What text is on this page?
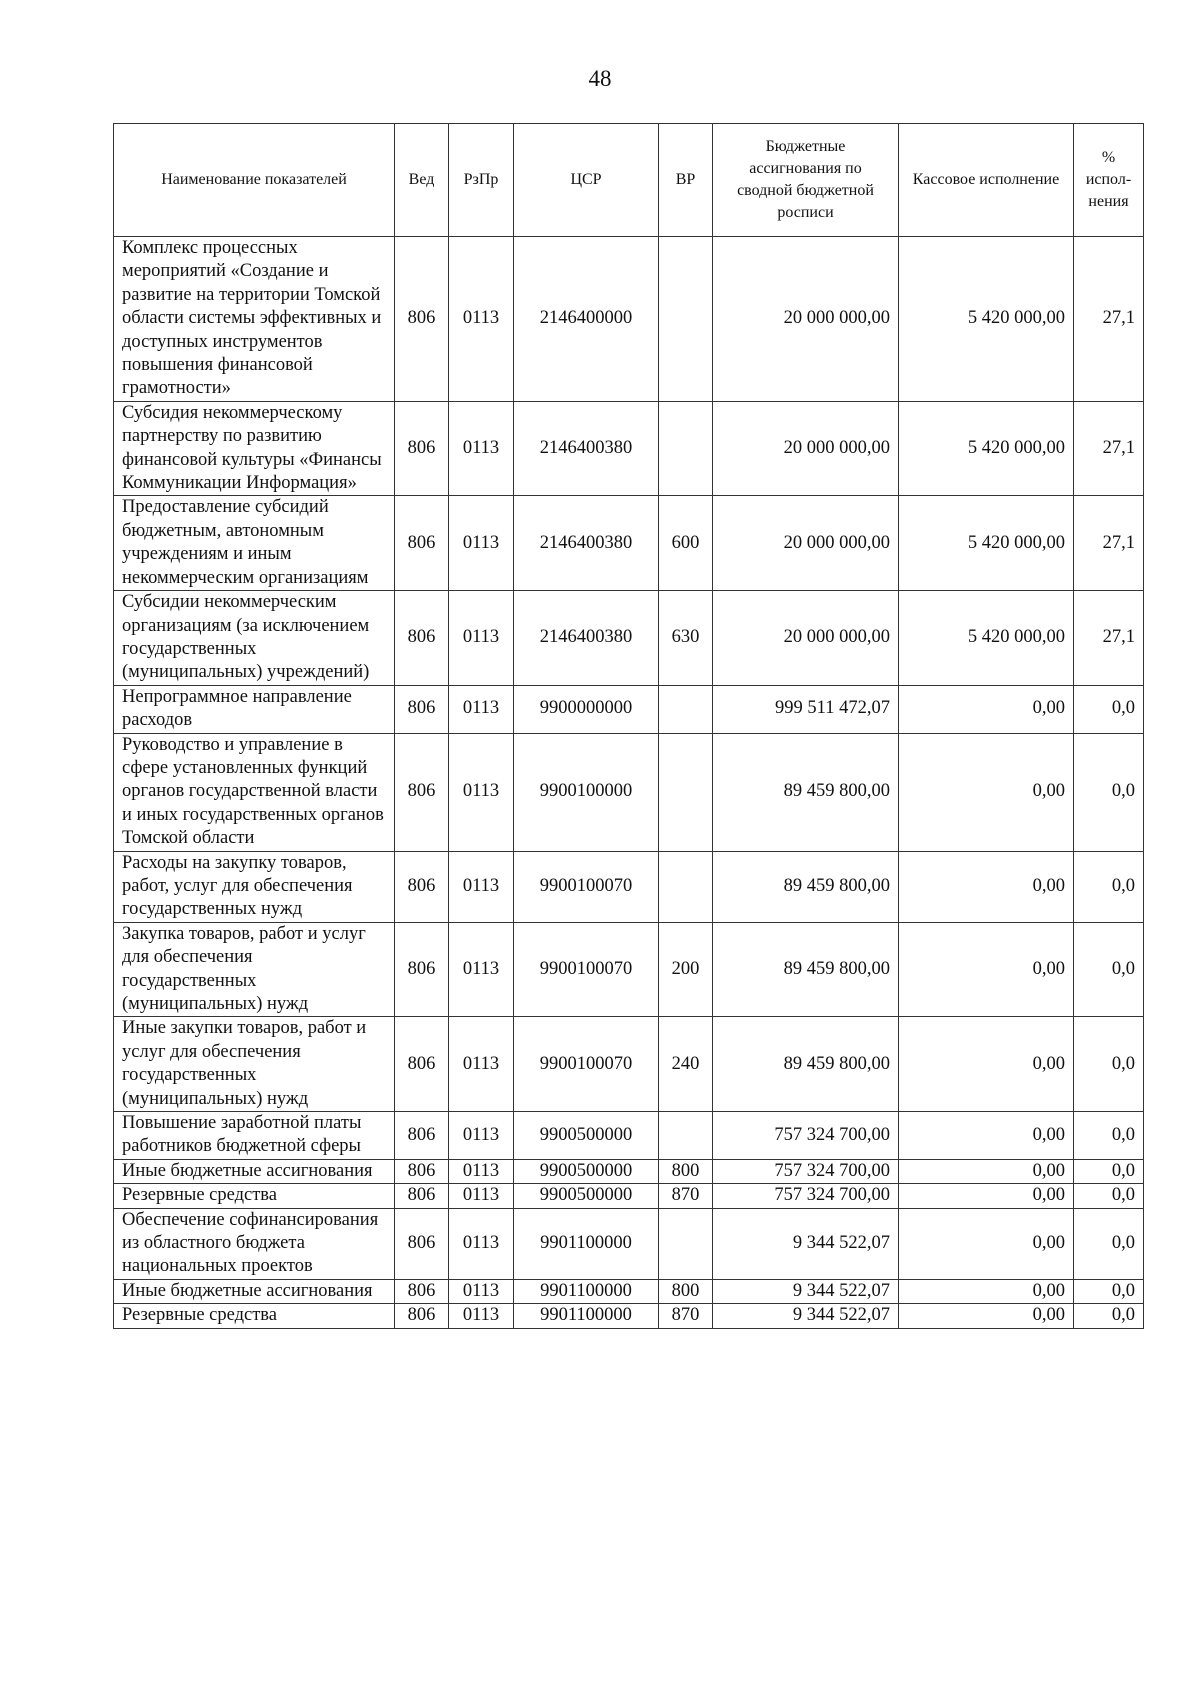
48
Наименование показателей	Вед	РзПр	ЦСР	ВР	Бюджетные ассигнования по сводной бюджетной росписи	Кассовое исполнение	% испол-нения
Комплекс процессных мероприятий «Создание и развитие на территории Томской области системы эффективных и доступных инструментов повышения финансовой грамотности»	806	0113	2146400000		20 000 000,00	5 420 000,00	27,1
Субсидия некоммерческому партнерству по развитию финансовой культуры «Финансы Коммуникации Информация»	806	0113	2146400380		20 000 000,00	5 420 000,00	27,1
Предоставление субсидий бюджетным, автономным учреждениям и иным некоммерческим организациям	806	0113	2146400380	600	20 000 000,00	5 420 000,00	27,1
Субсидии некоммерческим организациям (за исключением государственных (муниципальных) учреждений)	806	0113	2146400380	630	20 000 000,00	5 420 000,00	27,1
Непрограммное направление расходов	806	0113	9900000000		999 511 472,07	0,00	0,0
Руководство и управление в сфере установленных функций органов государственной власти и иных государственных органов Томской области	806	0113	9900100000		89 459 800,00	0,00	0,0
Расходы на закупку товаров, работ, услуг для обеспечения государственных нужд	806	0113	9900100070		89 459 800,00	0,00	0,0
Закупка товаров, работ и услуг для обеспечения государственных (муниципальных) нужд	806	0113	9900100070	200	89 459 800,00	0,00	0,0
Иные закупки товаров, работ и услуг для обеспечения государственных (муниципальных) нужд	806	0113	9900100070	240	89 459 800,00	0,00	0,0
Повышение заработной платы работников бюджетной сферы	806	0113	9900500000		757 324 700,00	0,00	0,0
Иные бюджетные ассигнования	806	0113	9900500000	800	757 324 700,00	0,00	0,0
Резервные средства	806	0113	9900500000	870	757 324 700,00	0,00	0,0
Обеспечение софинансирования из областного бюджета национальных проектов	806	0113	9901100000		9 344 522,07	0,00	0,0
Иные бюджетные ассигнования	806	0113	9901100000	800	9 344 522,07	0,00	0,0
Резервные средства	806	0113	9901100000	870	9 344 522,07	0,00	0,0
